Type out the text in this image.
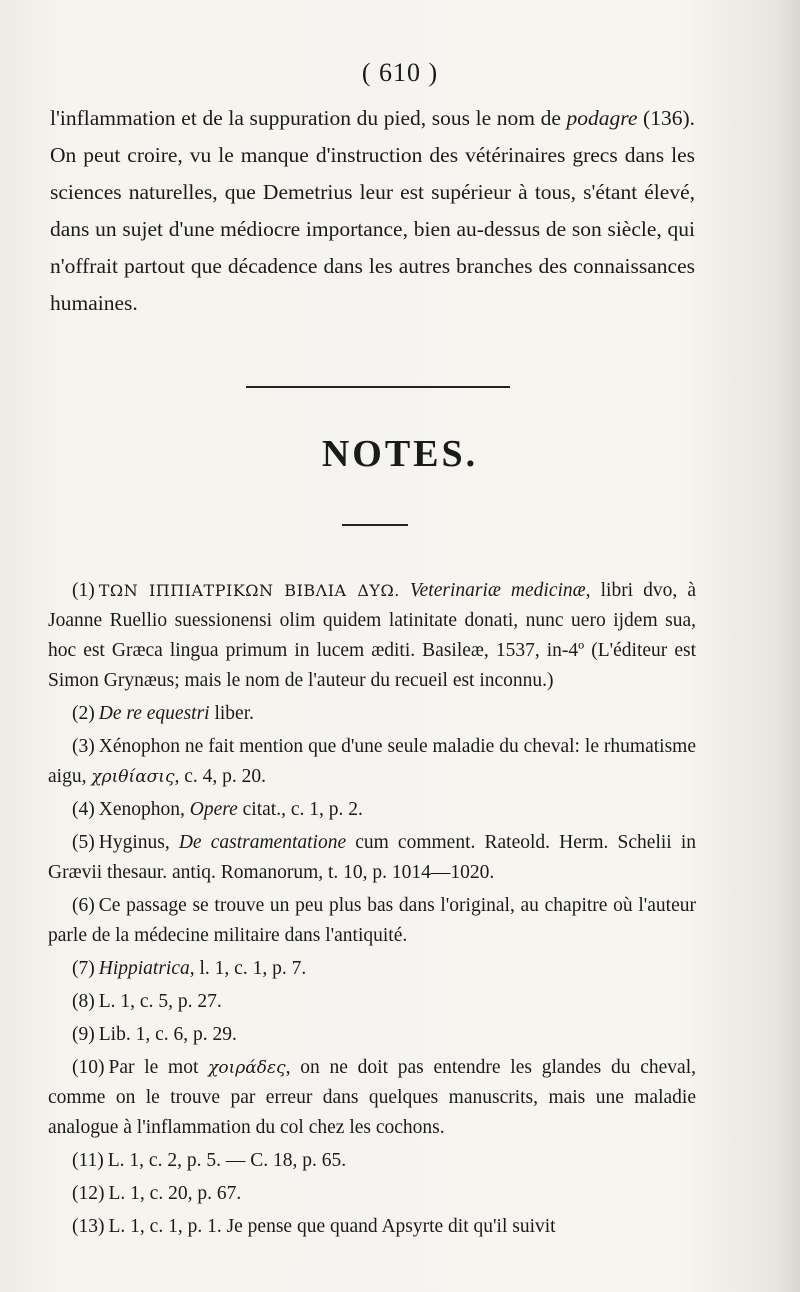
( 610 )

l'inflammation et de la suppuration du pied, sous le nom de podagre (136). On peut croire, vu le manque d'instruction des vétérinaires grecs dans les sciences naturelles, que Demetrius leur est supérieur à tous, s'étant élevé, dans un sujet d'une médiocre importance, bien au-dessus de son siècle, qui n'offrait partout que décadence dans les autres branches des connaissances humaines.

NOTES.

(1) ΤΩΝ ΙΠΠΙΑΤΡΙΚΩΝ ΒΙΒΛΙΑ ΔΥΩ. Veterinariæ medicinæ, libri dvo, à Joanne Ruellio suessionensi olim quidem latinitate donati, nunc uero ijdem sua, hoc est Græca lingua primum in lucem æditi. Basileæ, 1537, in-4º (L'éditeur est Simon Grynæus; mais le nom de l'auteur du recueil est inconnu.)

(2) De re equestri liber.

(3) Xénophon ne fait mention que d'une seule maladie du cheval: le rhumatisme aigu, χριθίασις, c. 4, p. 20.

(4) Xenophon, Opere citat., c. 1, p. 2.

(5) Hyginus, De castramentatione cum comment. Rateold. Herm. Schelii in Grævii thesaur. antiq. Romanorum, t. 10, p. 1014—1020.

(6) Ce passage se trouve un peu plus bas dans l'original, au chapitre où l'auteur parle de la médecine militaire dans l'antiquité.

(7) Hippiatrica, l. 1, c. 1, p. 7.

(8) L. 1, c. 5, p. 27.

(9) Lib. 1, c. 6, p. 29.

(10) Par le mot χοιράδες, on ne doit pas entendre les glandes du cheval, comme on le trouve par erreur dans quelques manuscrits, mais une maladie analogue à l'inflammation du col chez les cochons.

(11) L. 1, c. 2, p. 5. — C. 18, p. 65.

(12) L. 1, c. 20, p. 67.

(13) L. 1, c. 1, p. 1. Je pense que quand Apsyrte dit qu'il suivit
